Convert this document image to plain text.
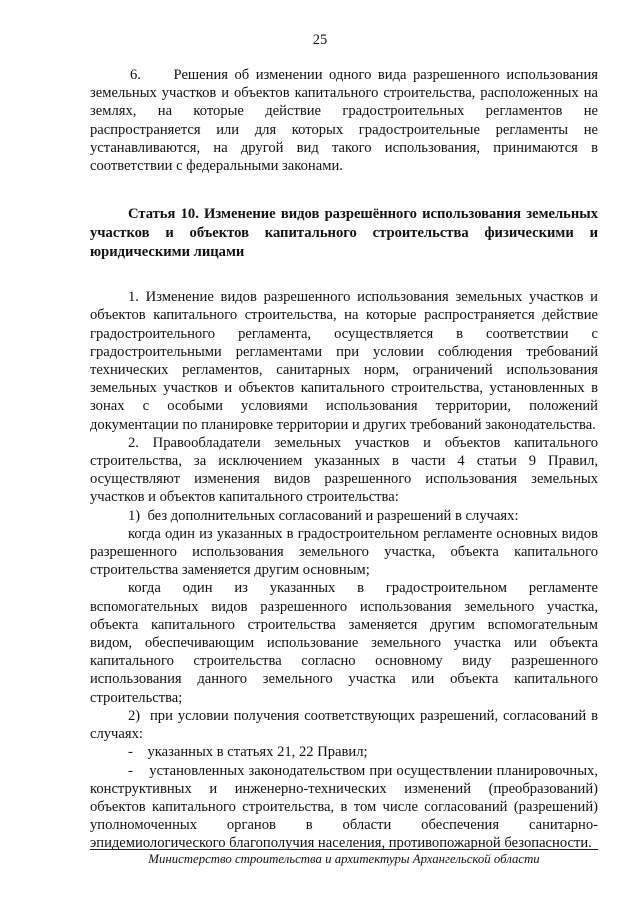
25

6.     Решения об изменении одного вида разрешенного использования земельных участков и объектов капитального строительства, расположенных на землях, на которые действие градостроительных регламентов не распространяется или для которых градостроительные регламенты не устанавливаются, на другой вид такого использования, принимаются в соответствии с федеральными законами.

Статья 10. Изменение видов разрешённого использования земельных участков и объектов капитального строительства физическими и юридическими лицами

1. Изменение видов разрешенного использования земельных участков и объектов капитального строительства, на которые распространяется действие градостроительного регламента, осуществляется в соответствии с градостроительными регламентами при условии соблюдения требований технических регламентов, санитарных норм, ограничений использования земельных участков и объектов капитального строительства, установленных в зонах с особыми условиями использования территории, положений документации по планировке территории и других требований законодательства.

2. Правообладатели земельных участков и объектов капитального строительства, за исключением указанных в части 4 статьи 9 Правил, осуществляют изменения видов разрешенного использования земельных участков и объектов капитального строительства:

1)  без дополнительных согласований и разрешений в случаях:

когда один из указанных в градостроительном регламенте основных видов разрешенного использования земельного участка, объекта капитального строительства заменяется другим основным;

когда один из указанных в градостроительном регламенте вспомогательных видов разрешенного использования земельного участка, объекта капитального строительства заменяется другим вспомогательным видом, обеспечивающим использование земельного участка или объекта капитального строительства согласно основному виду разрешенного использования данного земельного участка или объекта капитального строительства;

2)  при условии получения соответствующих разрешений, согласований в случаях:

-    указанных в статьях 21, 22 Правил;

-    установленных законодательством при осуществлении планировочных, конструктивных и инженерно-технических изменений (преобразований) объектов капитального строительства, в том числе согласований (разрешений) уполномоченных органов в области обеспечения санитарно-эпидемиологического благополучия населения, противопожарной безопасности.

Министерство строительства и архитектуры Архангельской области
